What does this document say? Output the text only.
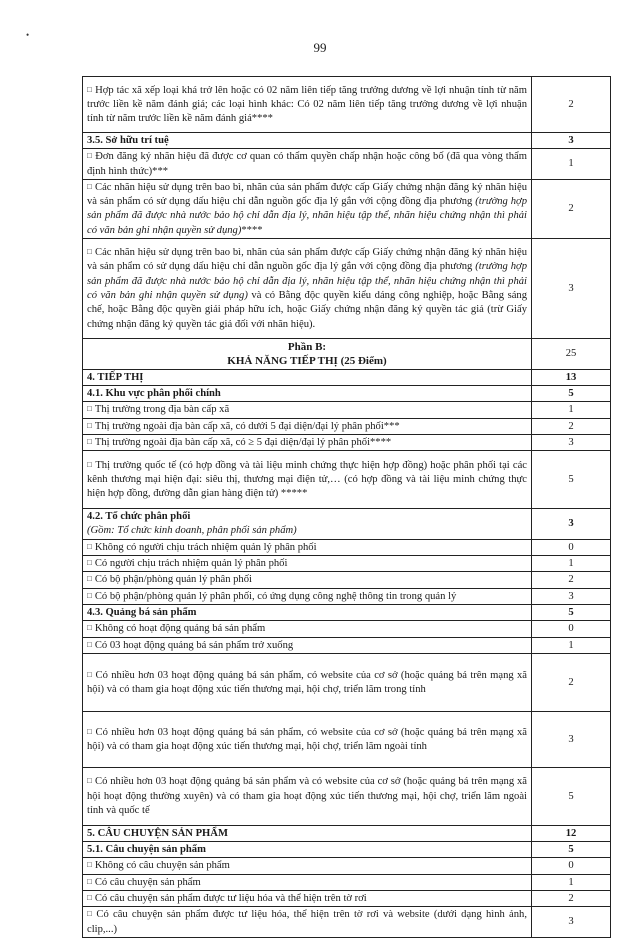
•
99
□ Hợp tác xã xếp loại khá trở lên hoặc có 02 năm liên tiếp tăng trưởng dương về lợi nhuận tính từ năm trước liền kề năm đánh giá; các loại hình khác: Có 02 năm liên tiếp tăng trưởng dương về lợi nhuận tính từ năm trước liền kề năm đánh giá****	2
3.5. Sở hữu trí tuệ	3
□ Đơn đăng ký nhãn hiệu đã được cơ quan có thẩm quyền chấp nhận hoặc công bố (đã qua vòng thẩm định hình thức)***	1
□ Các nhãn hiệu sử dụng trên bao bì, nhãn của sản phẩm được cấp Giấy chứng nhận đăng ký nhãn hiệu và sản phẩm có sử dụng dấu hiệu chỉ dẫn nguồn gốc địa lý gắn với cộng đồng địa phương (trường hợp sản phẩm đã được nhà nước bảo hộ chỉ dẫn địa lý, nhãn hiệu tập thể, nhãn hiệu chứng nhận thì phải có văn bản ghi nhận quyền sử dụng)****	2
□ Các nhãn hiệu sử dụng trên bao bì, nhãn của sản phẩm được cấp Giấy chứng nhận đăng ký nhãn hiệu và sản phẩm có sử dụng dấu hiệu chỉ dẫn nguồn gốc địa lý gắn với cộng đồng địa phương (trường hợp sản phẩm đã được nhà nước bảo hộ chỉ dẫn địa lý, nhãn hiệu tập thể, nhãn hiệu chứng nhận thì phải có văn bản ghi nhận quyền sử dụng) và có Bằng độc quyền kiểu dáng công nghiệp, hoặc Bằng sáng chế, hoặc Bằng độc quyền giải pháp hữu ích, hoặc Giấy chứng nhận đăng ký quyền tác giả (trừ Giấy chứng nhận đăng ký quyền tác giả đối với nhãn hiệu).	3

Phần B:
KHẢ NĂNG TIẾP THỊ (25 Điểm)	25
4. TIẾP THỊ	13
4.1. Khu vực phân phối chính	5
□ Thị trường trong địa bàn cấp xã	1
□ Thị trường ngoài địa bàn cấp xã, có dưới 5 đại diện/đại lý phân phối***	2
□ Thị trường ngoài địa bàn cấp xã, có ≥ 5 đại diện/đại lý phân phối****	3
□ Thị trường quốc tế (có hợp đồng và tài liệu minh chứng thực hiện hợp đồng) hoặc phân phối tại các kênh thương mại hiện đại: siêu thị, thương mại điện tử,… (có hợp đồng và tài liệu minh chứng thực hiện hợp đồng, đường dẫn gian hàng điện tử) *****	5
4.2. Tổ chức phân phối
(Gồm: Tổ chức kinh doanh, phân phối sản phẩm)	3
□ Không có người chịu trách nhiệm quản lý phân phối	0
□ Có người chịu trách nhiệm quản lý phân phối	1
□ Có bộ phận/phòng quản lý phân phối	2
□ Có bộ phận/phòng quản lý phân phối, có ứng dụng công nghệ thông tin trong quản lý	3
4.3. Quảng bá sản phẩm	5
□ Không có hoạt động quảng bá sản phẩm	0
□ Có 03 hoạt động quảng bá sản phẩm trở xuống	1
□ Có nhiều hơn 03 hoạt động quảng bá sản phẩm, có website của cơ sở (hoặc quảng bá trên mạng xã hội) và có tham gia hoạt động xúc tiến thương mại, hội chợ, triển lãm trong tỉnh	2
□ Có nhiều hơn 03 hoạt động quảng bá sản phẩm, có website của cơ sở (hoặc quảng bá trên mạng xã hội) và có tham gia hoạt động xúc tiến thương mại, hội chợ, triển lãm ngoài tỉnh	3
□ Có nhiều hơn 03 hoạt động quảng bá sản phẩm và có website của cơ sở (hoặc quảng bá trên mạng xã hội hoạt động thường xuyên) và có tham gia hoạt động xúc tiến thương mại, hội chợ, triển lãm ngoài tỉnh và quốc tế	5
5. CÂU CHUYỆN SẢN PHẨM	12
5.1. Câu chuyện sản phẩm	5
□ Không có câu chuyện sản phẩm	0
□ Có câu chuyện sản phẩm	1
□ Có câu chuyện sản phẩm được tư liệu hóa và thể hiện trên tờ rơi	2
□ Có câu chuyện sản phẩm được tư liệu hóa, thể hiện trên tờ rơi và website (dưới dạng hình ảnh, clip,...)	3
